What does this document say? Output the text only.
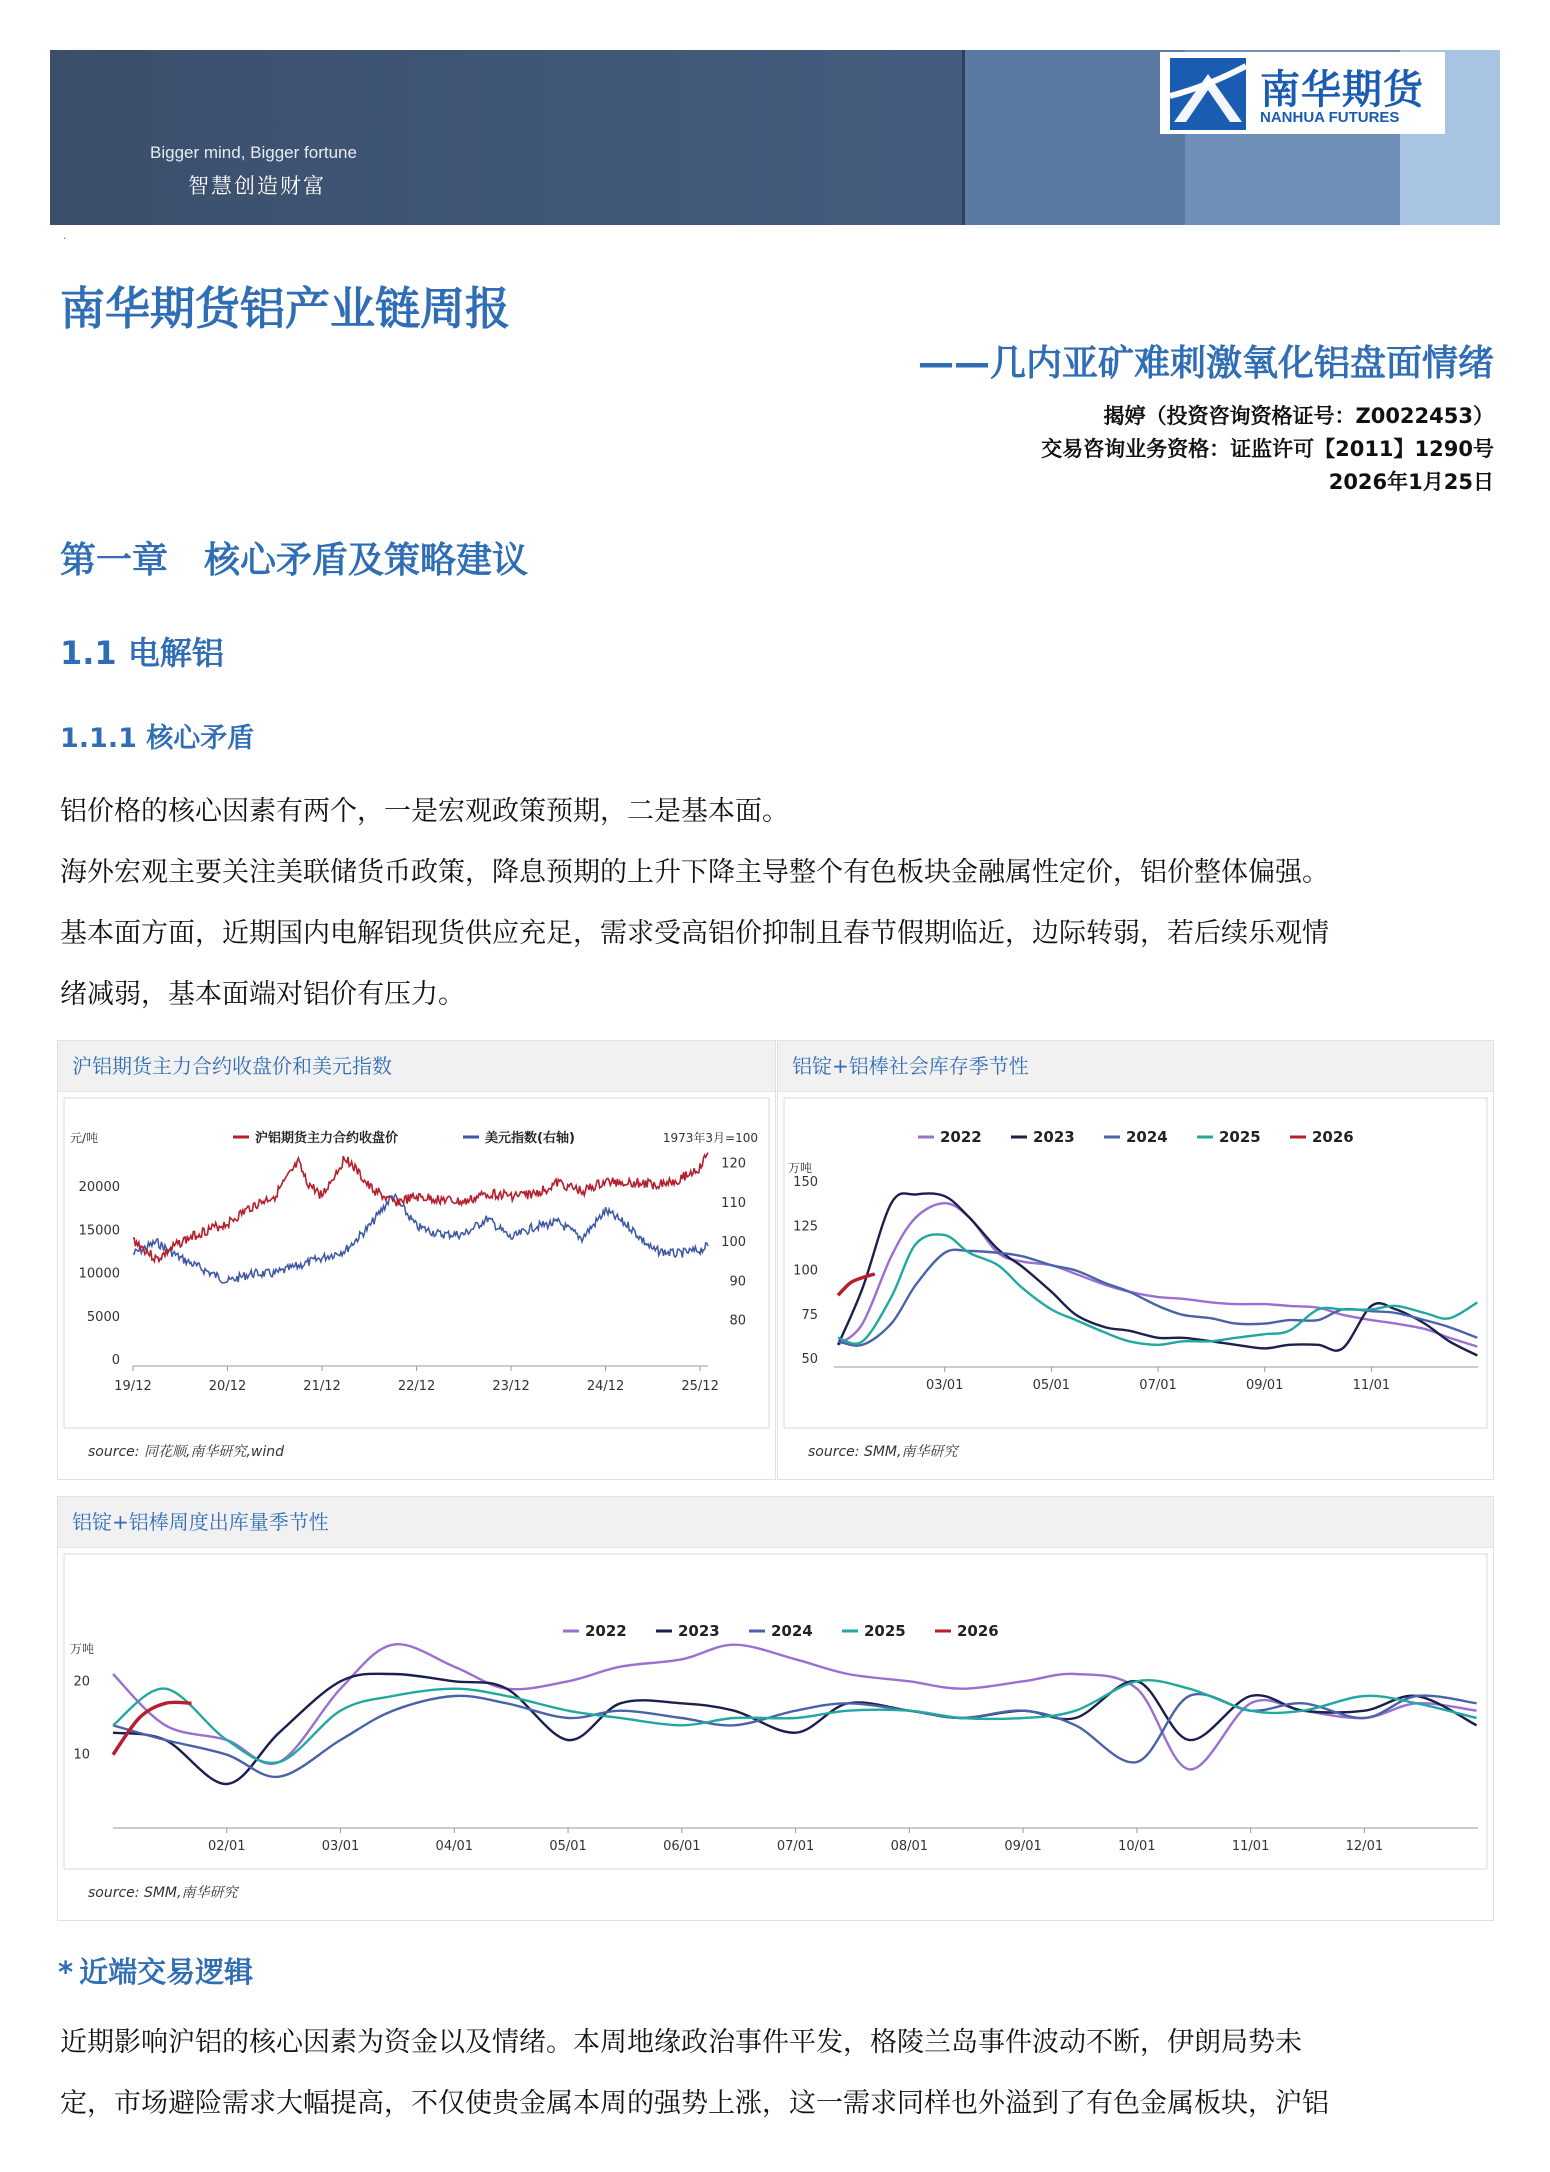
Bigger mind, Bigger fortune
智慧创造财富
南华期货
NANHUA FUTURES
·
南华期货铝产业链周报
——几内亚矿难刺激氧化铝盘面情绪
揭婷（投资咨询资格证号：Z0022453）
交易咨询业务资格：证监许可【2011】1290号
2026年1月25日
第一章　核心矛盾及策略建议
1.1 电解铝
1.1.1 核心矛盾

铝价格的核心因素有两个，一是宏观政策预期，二是基本面。

海外宏观主要关注美联储货币政策，降息预期的上升下降主导整个有色板块金融属性定价，铝价整体偏强。

基本面方面，近期国内电解铝现货供应充足，需求受高铝价抑制且春节假期临近，边际转弱，若后续乐观情

绪减弱，基本面端对铝价有压力。

沪铝期货主力合约收盘价和美元指数
元/吨	1973年3月=100
0
5000
10000
15000
20000
80
90
100
110
120
19/12	20/12	21/12	22/12	23/12	24/12	25/12
沪铝期货主力合约收盘价	美元指数(右轴)
source: 同花顺,南华研究,wind
铝锭+铝棒社会库存季节性
万吨
50
75
100
125
150
03/01	05/01	07/01	09/01	11/01
2022	2023	2024	2025	2026
source: SMM,南华研究
铝锭+铝棒周度出库量季节性
万吨
10
20
02/01	03/01	04/01	05/01	06/01	07/01	08/01	09/01	10/01	11/01	12/01
2022	2023	2024	2025	2026
source: SMM,南华研究
* 近端交易逻辑

近期影响沪铝的核心因素为资金以及情绪。本周地缘政治事件平发，格陵兰岛事件波动不断，伊朗局势未

定，市场避险需求大幅提高，不仅使贵金属本周的强势上涨，这一需求同样也外溢到了有色金属板块，沪铝
